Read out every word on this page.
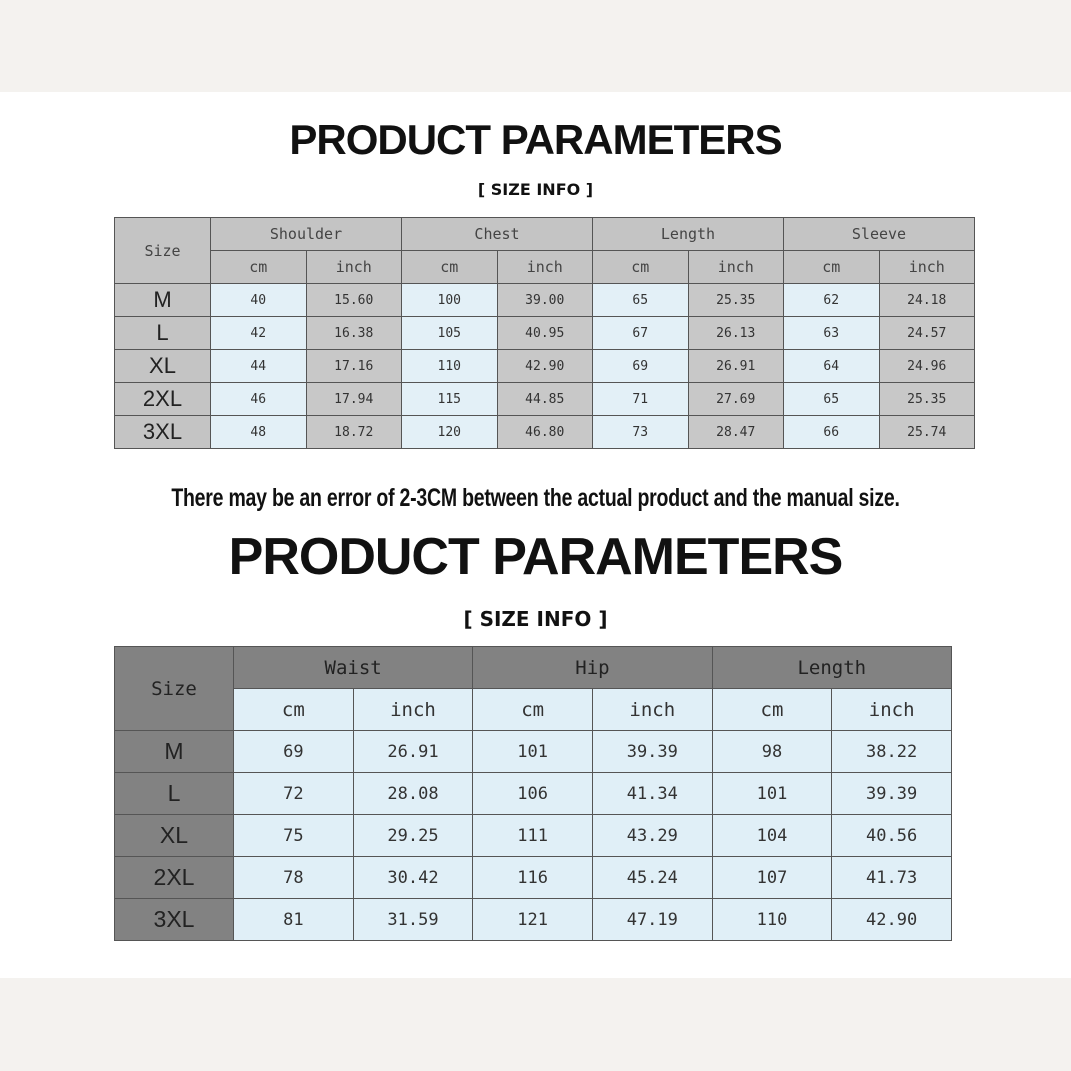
PRODUCT PARAMETERS
[ SIZE INFO ]
Size	Shoulder		Chest		Length		Sleeve	
	cm	inch	cm	inch	cm	inch	cm	inch
M	40	15.60	100	39.00	65	25.35	62	24.18
L	42	16.38	105	40.95	67	26.13	63	24.57
XL	44	17.16	110	42.90	69	26.91	64	24.96
2XL	46	17.94	115	44.85	71	27.69	65	25.35
3XL	48	18.72	120	46.80	73	28.47	66	25.74
There may be an error of 2-3CM between the actual product and the manual size.
PRODUCT PARAMETERS
[ SIZE INFO ]
Size	Waist		Hip		Length	
	cm	inch	cm	inch	cm	inch
M	69	26.91	101	39.39	98	38.22
L	72	28.08	106	41.34	101	39.39
XL	75	29.25	111	43.29	104	40.56
2XL	78	30.42	116	45.24	107	41.73
3XL	81	31.59	121	47.19	110	42.90
